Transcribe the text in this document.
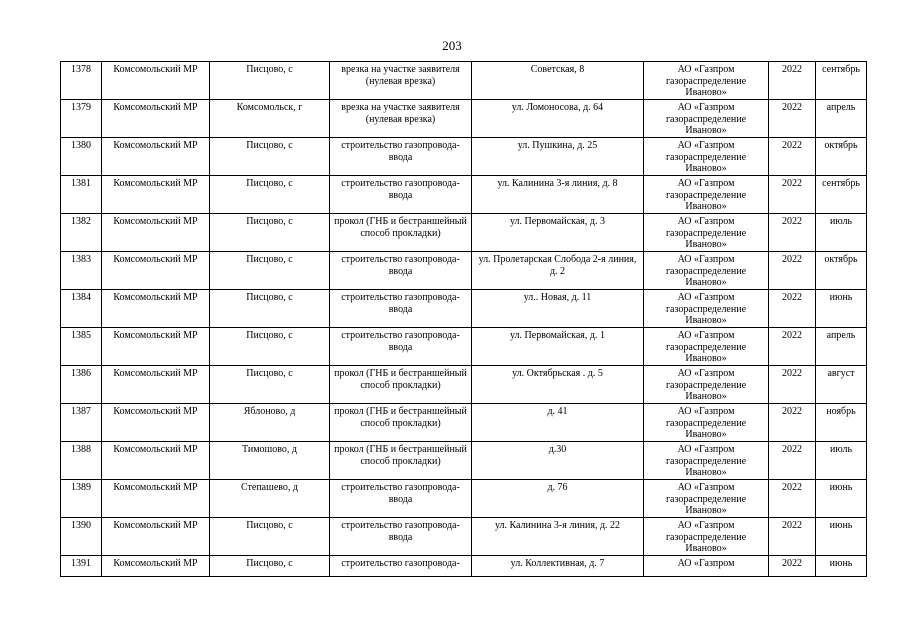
203
1378	Комсомольский МР	Писцово, с	врезка на участке заявителя (нулевая врезка)	Советская, 8	АО «Газпром газораспределение Иваново»	2022	сентябрь
1379	Комсомольский МР	Комсомольск, г	врезка на участке заявителя (нулевая врезка)	ул. Ломоносова, д. 64	АО «Газпром газораспределение Иваново»	2022	апрель
1380	Комсомольский МР	Писцово, с	строительство газопровода-ввода	ул. Пушкина, д. 25	АО «Газпром газораспределение Иваново»	2022	октябрь
1381	Комсомольский МР	Писцово, с	строительство газопровода-ввода	ул. Калинина 3-я линия, д. 8	АО «Газпром газораспределение Иваново»	2022	сентябрь
1382	Комсомольский МР	Писцово, с	прокол (ГНБ и бестраншейный способ прокладки)	ул. Первомайская, д. 3	АО «Газпром газораспределение Иваново»	2022	июль
1383	Комсомольский МР	Писцово, с	строительство газопровода-ввода	ул. Пролетарская Слобода 2-я линия, д. 2	АО «Газпром газораспределение Иваново»	2022	октябрь
1384	Комсомольский МР	Писцово, с	строительство газопровода-ввода	ул.. Новая, д. 11	АО «Газпром газораспределение Иваново»	2022	июнь
1385	Комсомольский МР	Писцово, с	строительство газопровода-ввода	ул. Первомайская, д. 1	АО «Газпром газораспределение Иваново»	2022	апрель
1386	Комсомольский МР	Писцово, с	прокол (ГНБ и бестраншейный способ прокладки)	ул. Октябрьская . д. 5	АО «Газпром газораспределение Иваново»	2022	август
1387	Комсомольский МР	Яблоново, д	прокол (ГНБ и бестраншейный способ прокладки)	д. 41	АО «Газпром газораспределение Иваново»	2022	ноябрь
1388	Комсомольский МР	Тимошово, д	прокол (ГНБ и бестраншейный способ прокладки)	д.30	АО «Газпром газораспределение Иваново»	2022	июль
1389	Комсомольский МР	Степашево, д	строительство газопровода-ввода	д. 76	АО «Газпром газораспределение Иваново»	2022	июнь
1390	Комсомольский МР	Писцово, с	строительство газопровода-ввода	ул. Калинина 3-я линия, д. 22	АО «Газпром газораспределение Иваново»	2022	июнь
1391	Комсомольский МР	Писцово, с	строительство газопровода-	ул. Коллективная, д. 7	АО «Газпром	2022	июнь
